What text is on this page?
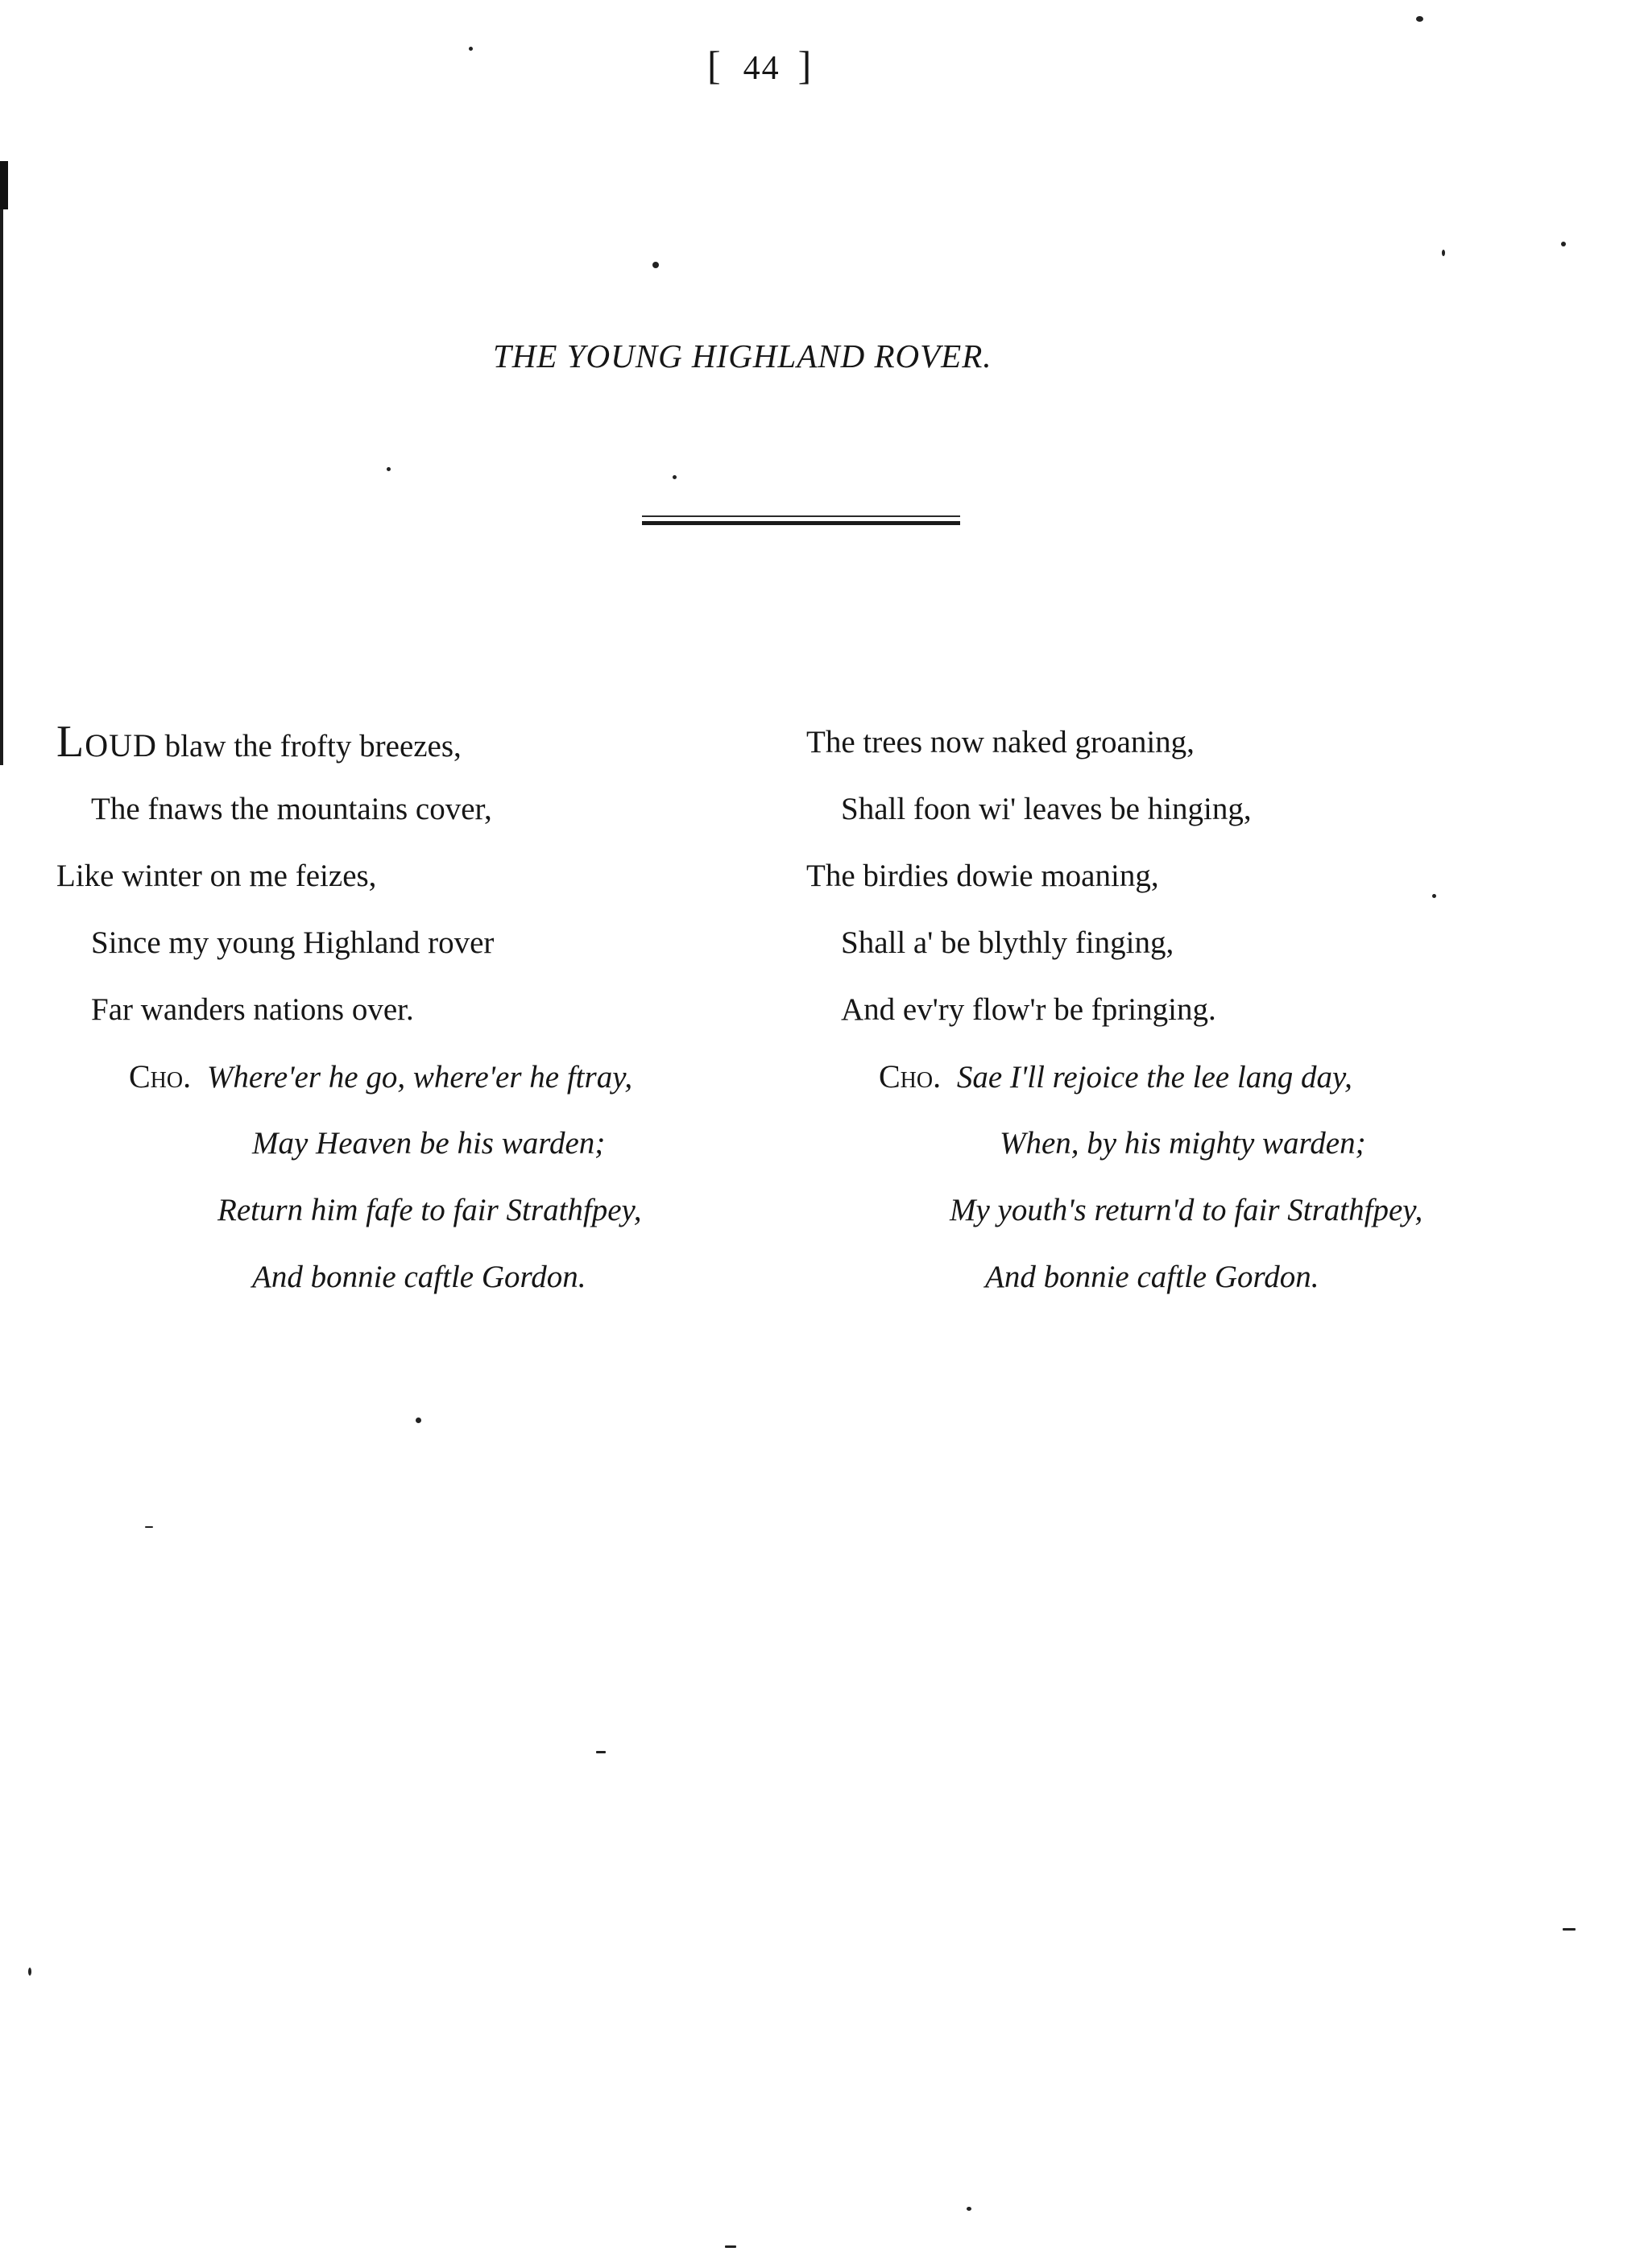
[ 44 ]
THE YOUNG HIGHLAND ROVER.
LOUD blaw the frofty breezes,
The fnaws the mountains cover,
Like winter on me feizes,
Since my young Highland rover
Far wanders nations over.
Cho. Where'er he go, where'er he ftray,
May Heaven be his warden;
Return him fafe to fair Strathfpey,
And bonnie caftle Gordon.
The trees now naked groaning,
Shall foon wi' leaves be hinging,
The birdies dowie moaning,
Shall a' be blythly finging,
And ev'ry flow'r be fpringing.
Cho. Sae I'll rejoice the lee lang day,
When, by his mighty warden;
My youth's return'd to fair Strathfpey,
And bonnie caftle Gordon.
